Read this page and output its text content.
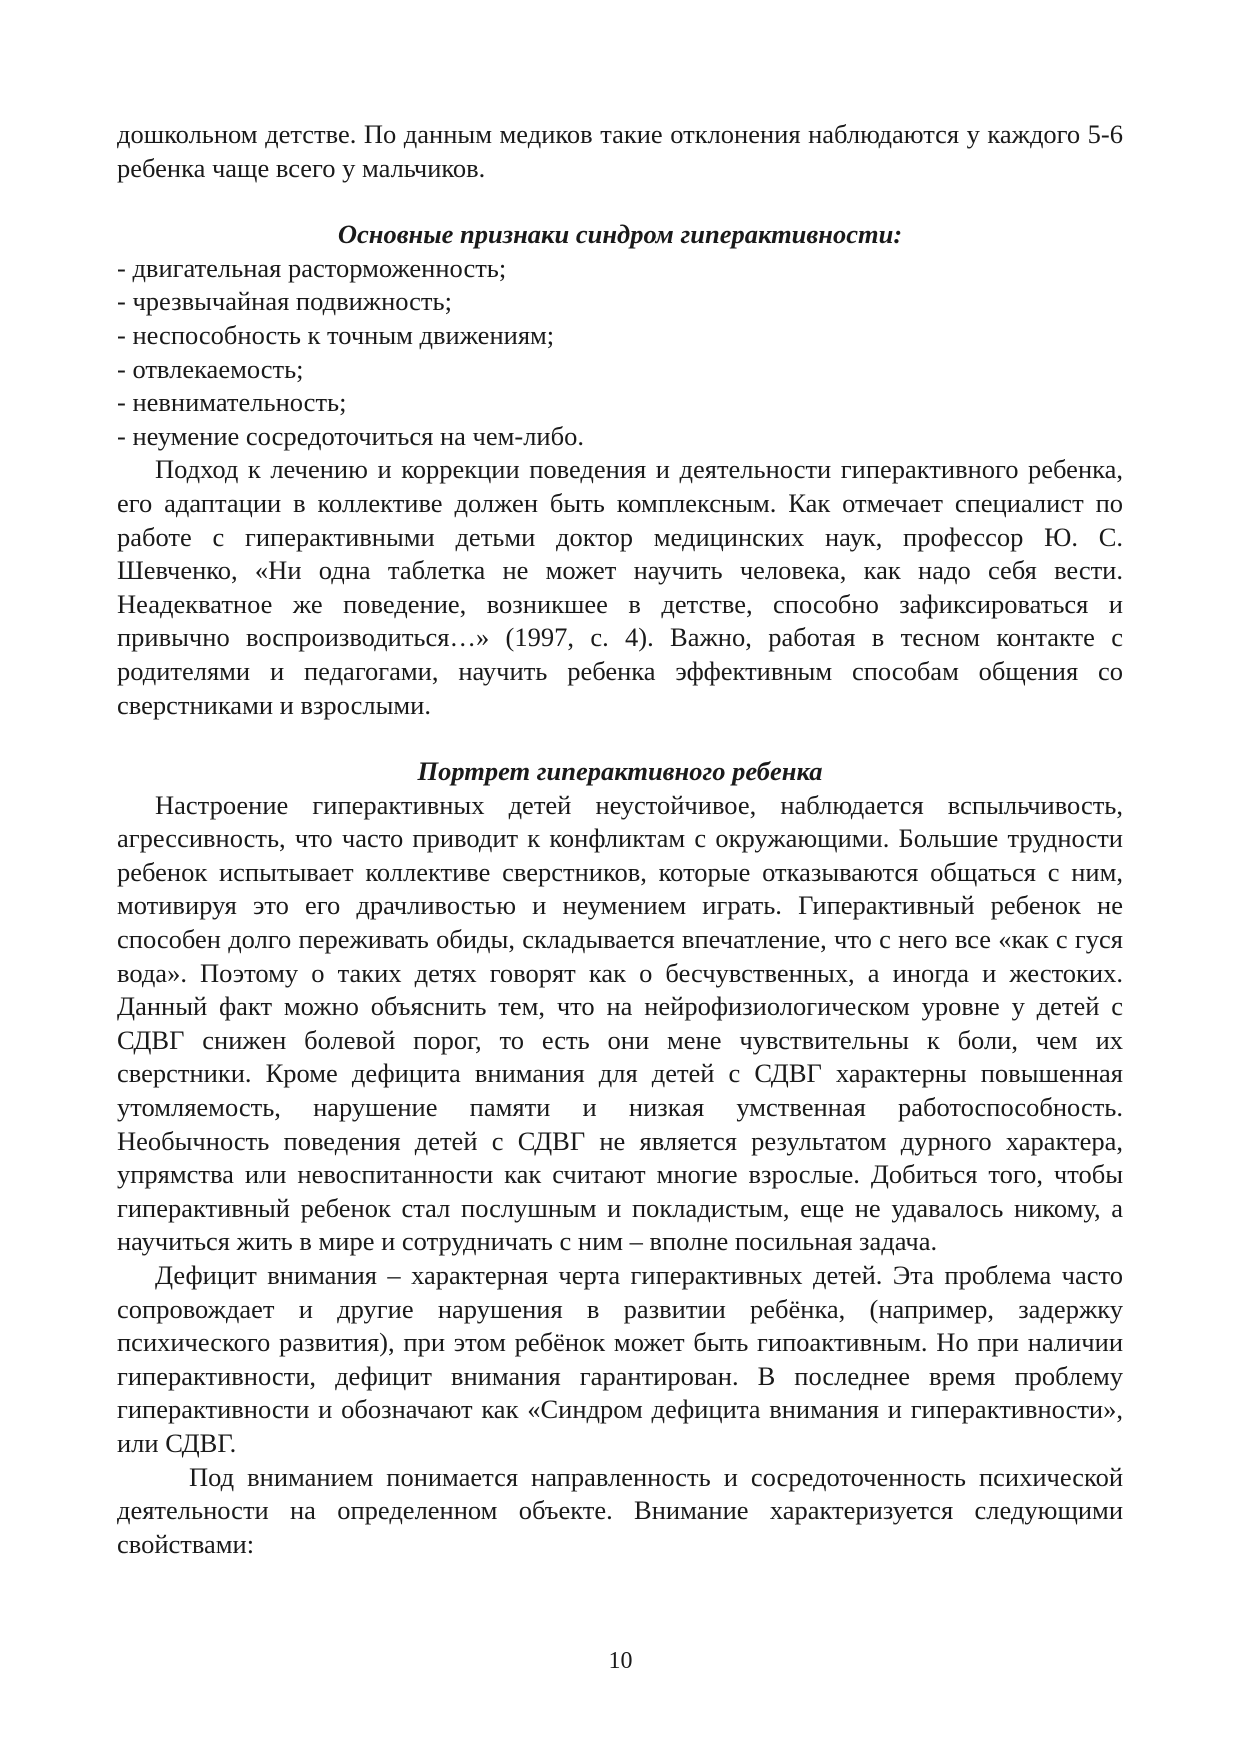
дошкольном детстве. По данным медиков такие отклонения наблюдаются у каждого 5-6 ребенка чаще всего у мальчиков.

Основные признаки синдром гиперактивности:

- двигательная расторможенность;
- чрезвычайная подвижность;
- неспособность к точным движениям;
- отвлекаемость;
- невнимательность;
- неумение сосредоточиться на чем-либо.

Подход к лечению и коррекции поведения и деятельности гиперактивного ребенка, его адаптации в коллективе должен быть комплексным. Как отмечает специалист по работе с гиперактивными детьми доктор медицинских наук, профессор Ю. С. Шевченко, «Ни одна таблетка не может научить человека, как надо себя вести. Неадекватное же поведение, возникшее в детстве, способно зафиксироваться и привычно воспроизводиться…» (1997, с. 4). Важно, работая в тесном контакте с родителями и педагогами, научить ребенка эффективным способам общения со сверстниками и взрослыми.

Портрет гиперактивного ребенка

Настроение гиперактивных детей неустойчивое, наблюдается вспыльчивость, агрессивность, что часто приводит к конфликтам с окружающими. Большие трудности ребенок испытывает коллективе сверстников, которые отказываются общаться с ним, мотивируя это его драчливостью и неумением играть. Гиперактивный ребенок не способен долго переживать обиды, складывается впечатление, что с него все «как с гуся вода». Поэтому о таких детях говорят как о бесчувственных, а иногда и жестоких. Данный факт можно объяснить тем, что на нейрофизиологическом уровне у детей с СДВГ снижен болевой порог, то есть они мене чувствительны к боли, чем их сверстники. Кроме дефицита внимания для детей с СДВГ характерны повышенная утомляемость, нарушение памяти и низкая умственная работоспособность. Необычность поведения детей с СДВГ не является результатом дурного характера, упрямства или невоспитанности как считают многие взрослые. Добиться того, чтобы гиперактивный ребенок стал послушным и покладистым, еще не удавалось никому, а научиться жить в мире и сотрудничать с ним – вполне посильная задача.

Дефицит внимания – характерная черта гиперактивных детей. Эта проблема часто сопровождает и другие нарушения в развитии ребёнка, (например, задержку психического развития), при этом ребёнок может быть гипоактивным. Но при наличии гиперактивности, дефицит внимания гарантирован. В последнее время проблему гиперактивности и обозначают как «Синдром дефицита внимания и гиперактивности», или СДВГ.

Под вниманием понимается направленность и сосредоточенность психической деятельности на определенном объекте. Внимание характеризуется следующими свойствами:

10
